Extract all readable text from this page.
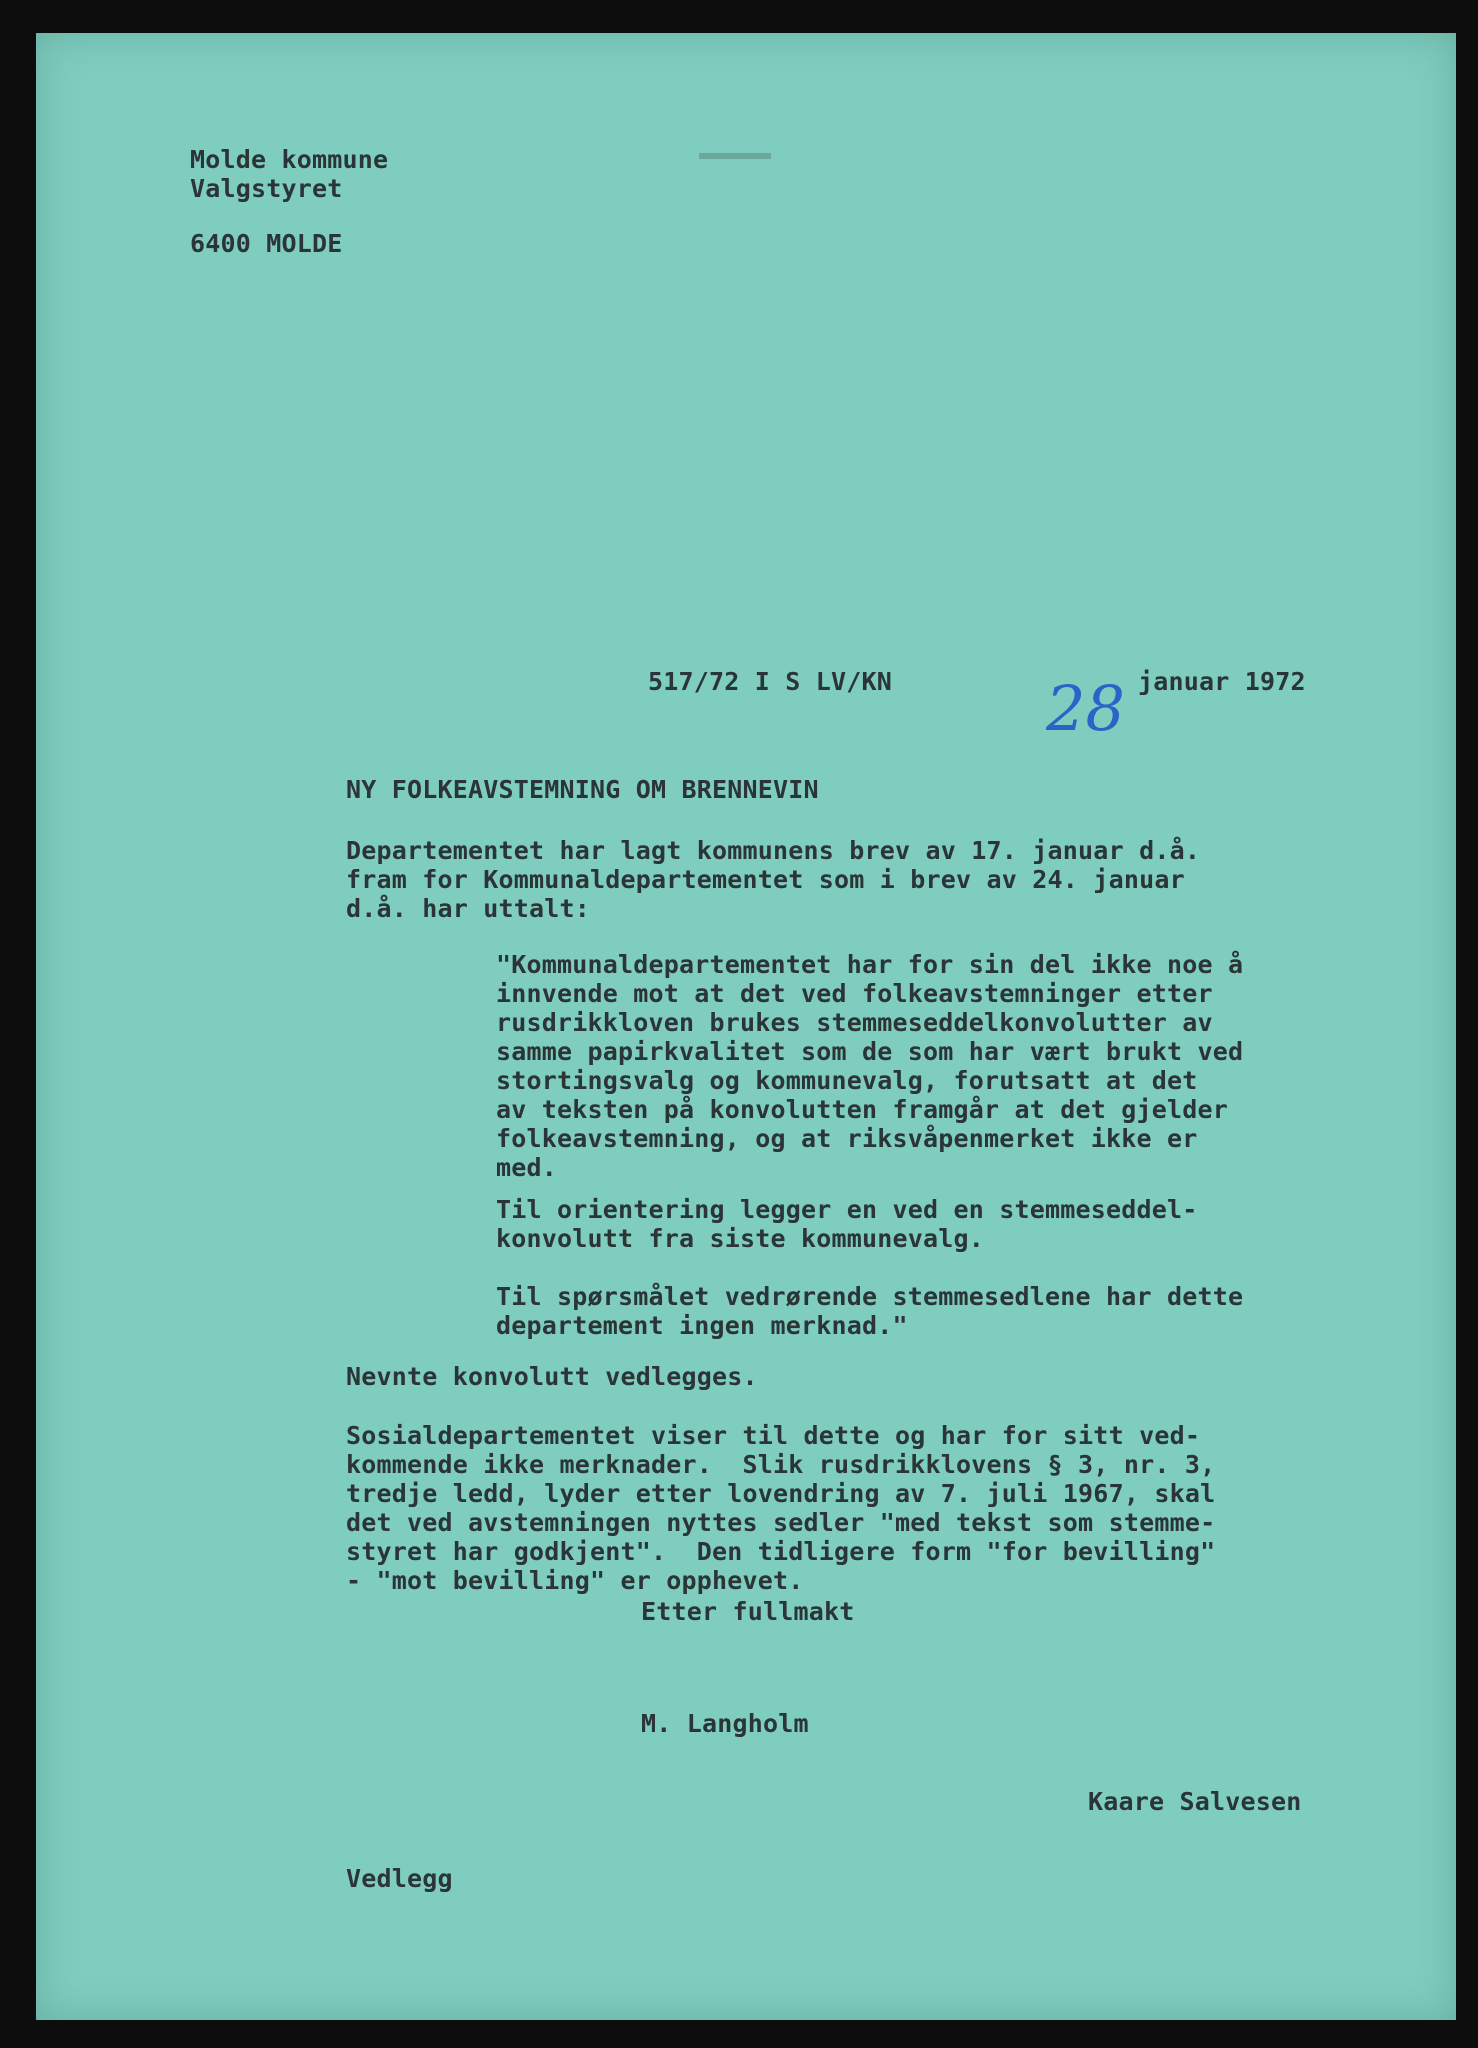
Molde kommune

Valgstyret

6400 MOLDE

517/72 I S LV/KN 28 januar 1972

NY FOLKEAVSTEMNING OM BRENNEVIN

Departementet har lagt kommunens brev av 17. januar d.å.
fram for Kommunaldepartementet som i brev av 24. januar
d.å. har uttalt:

"Kommunaldepartementet har for sin del ikke noe å
innvende mot at det ved folkeavstemninger etter
rusdrikkloven brukes stemmeseddelkonvolutter av
samme papirkvalitet som de som har vært brukt ved
stortingsvalg og kommunevalg, forutsatt at det
av teksten på konvolutten framgår at det gjelder
folkeavstemning, og at riksvåpenmerket ikke er
med.

Til orientering legger en ved en stemmeseddel-
konvolutt fra siste kommunevalg.

Til spørsmålet vedrørende stemmesedlene har dette
departement ingen merknad."

Nevnte konvolutt vedlegges.

Sosialdepartementet viser til dette og har for sitt ved-
kommende ikke merknader.  Slik rusdrikklovens § 3, nr. 3,
tredje ledd, lyder etter lovendring av 7. juli 1967, skal
det ved avstemningen nyttes sedler "med tekst som stemme-
styret har godkjent".  Den tidligere form "for bevilling"
- "mot bevilling" er opphevet.

Etter fullmakt

M. Langholm

Kaare Salvesen

Vedlegg
